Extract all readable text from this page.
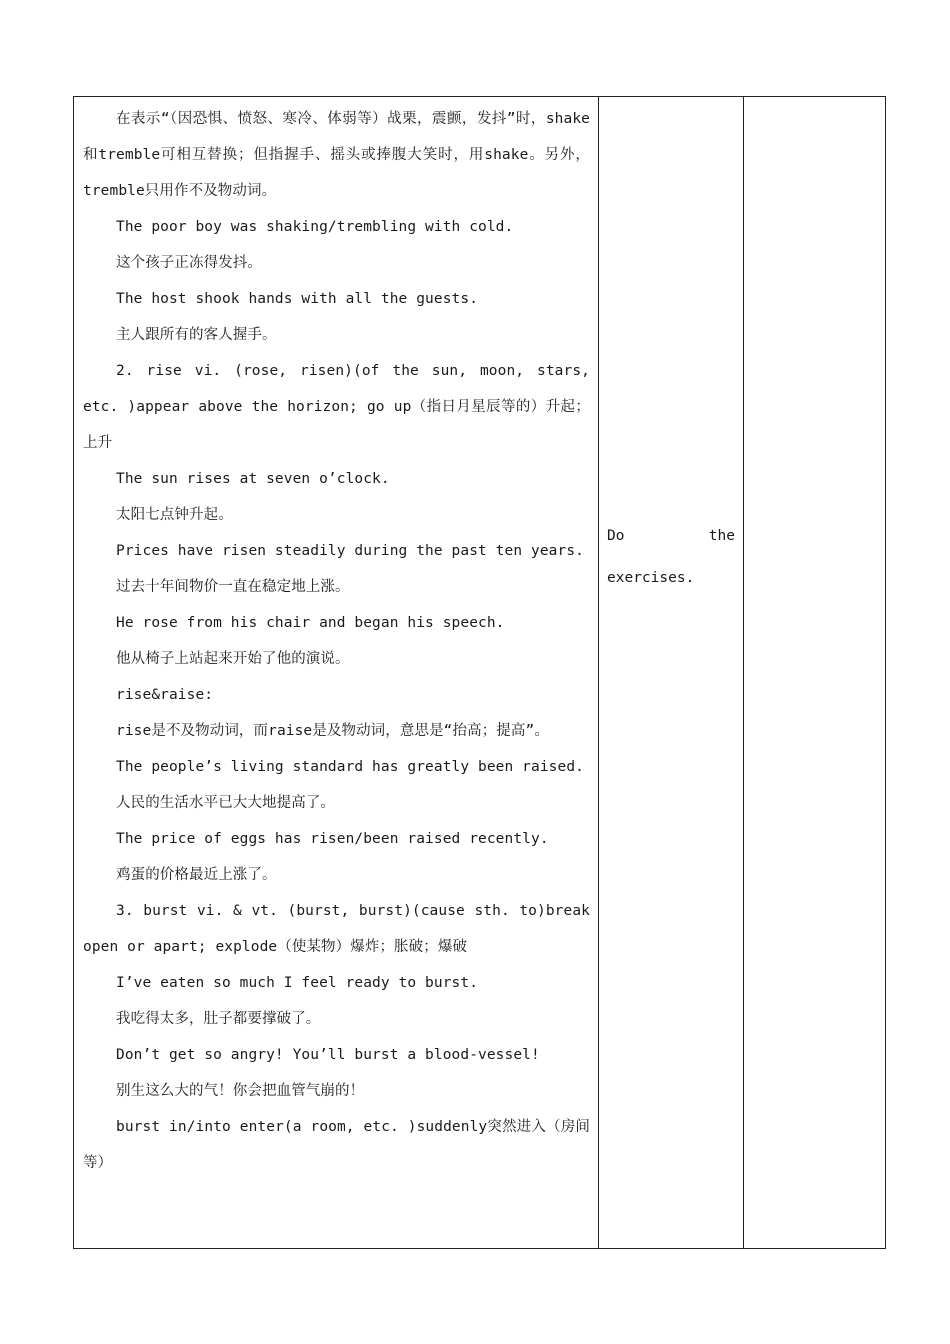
在表示“（因恐惧、愤怒、寒冷、体弱等）战栗，震颤，发抖”时，shake和tremble可相互替换；但指握手、摇头或捧腹大笑时，用shake。另外，tremble只用作不及物动词。

The poor boy was shaking/trembling with cold.

这个孩子正冻得发抖。

The host shook hands with all the guests.

主人跟所有的客人握手。

2. rise vi. (rose, risen)(of the sun, moon, stars, etc. )appear above the horizon; go up（指日月星辰等的）升起；上升

The sun rises at seven o’clock.

太阳七点钟升起。

Prices have risen steadily during the past ten years.

过去十年间物价一直在稳定地上涨。

He rose from his chair and began his speech.

他从椅子上站起来开始了他的演说。

rise&raise:

rise是不及物动词，而raise是及物动词，意思是“抬高；提高”。

The people’s living standard has greatly been raised.

人民的生活水平已大大地提高了。

The price of eggs has risen/been raised recently.

鸡蛋的价格最近上涨了。

3. burst vi. & vt. (burst, burst)(cause sth. to)break open or apart; explode（使某物）爆炸；胀破；爆破

I’ve eaten so much I feel ready to burst.

我吃得太多，肚子都要撑破了。

Don’t get so angry! You’ll burst a blood-vessel!

别生这么大的气！你会把血管气崩的！

burst in/into enter(a room, etc. )suddenly突然进入（房间等）

Do the
exercises.
